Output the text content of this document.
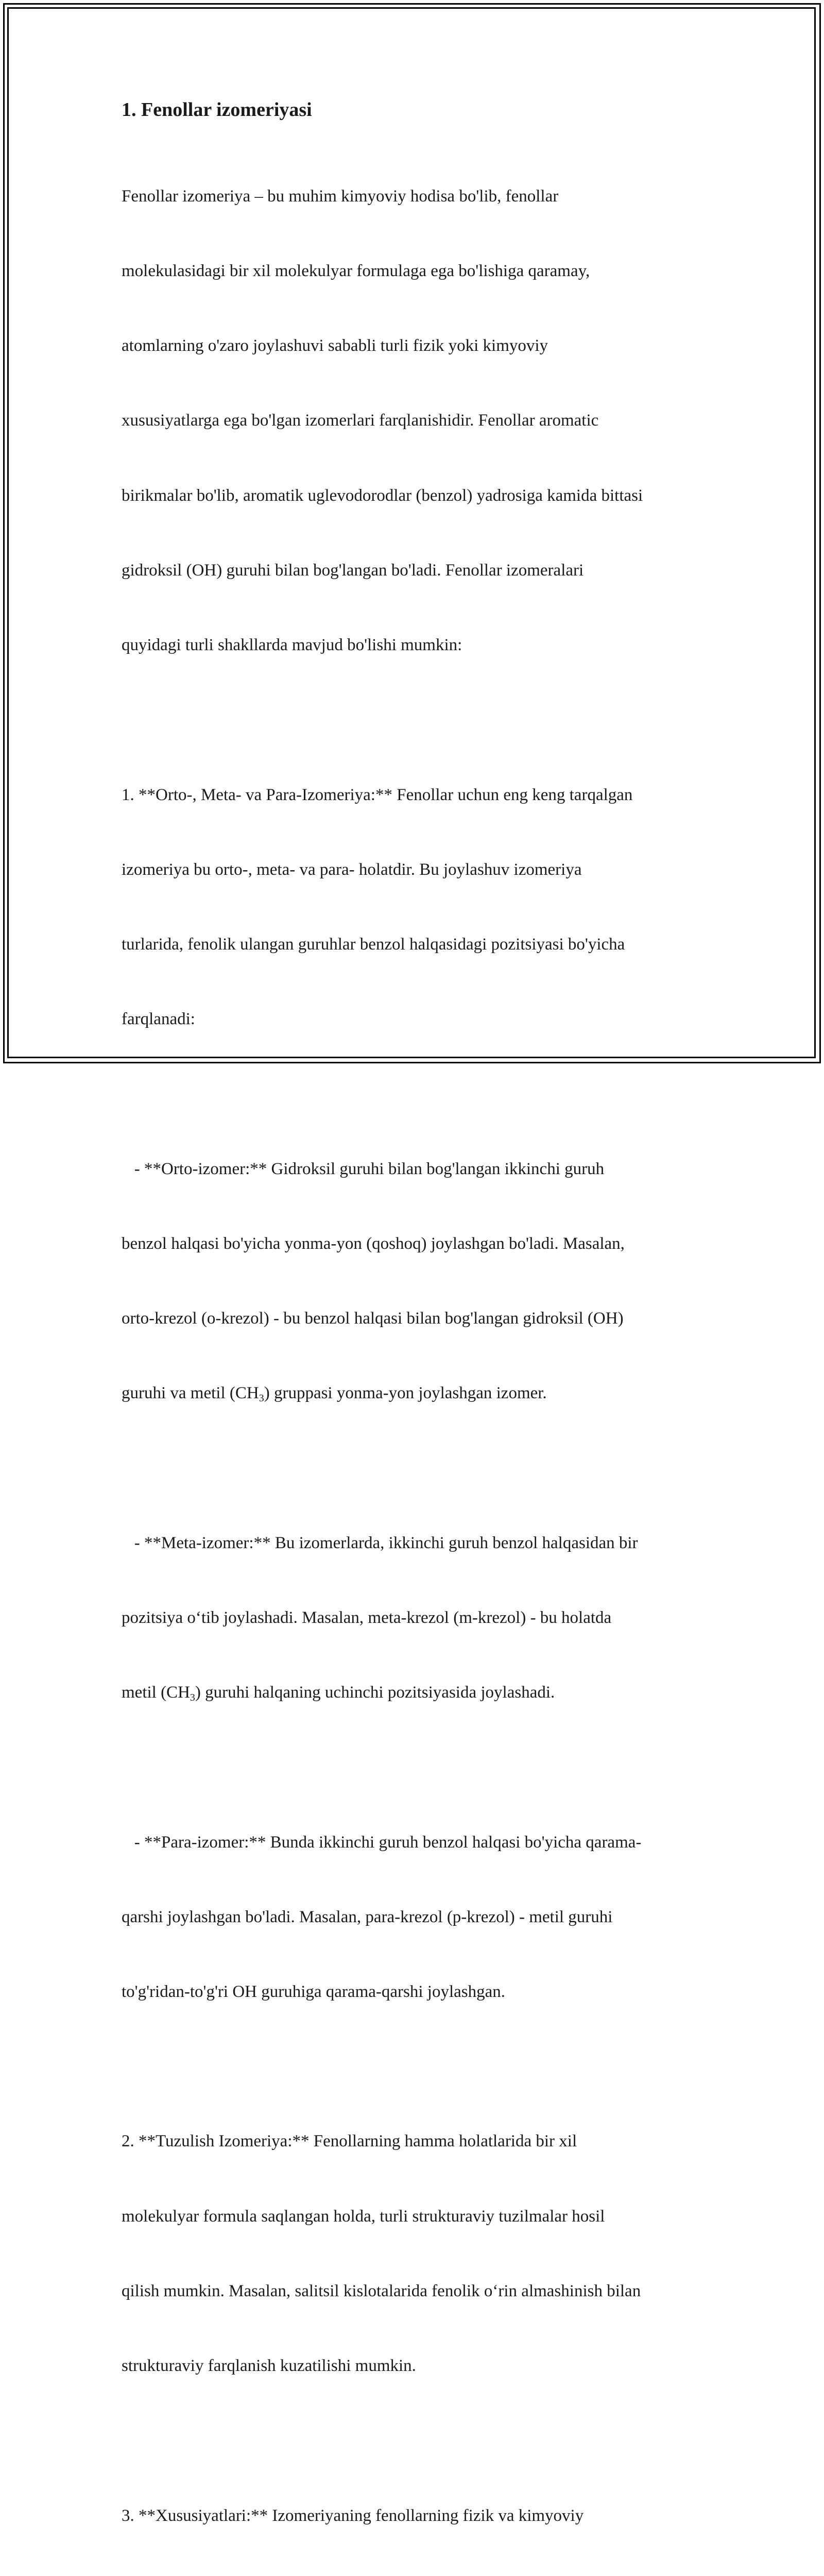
1. Fenollar izomeriyasi

Fenollar izomeriya – bu muhim kimyoviy hodisa bo'lib, fenollar

molekulasidagi bir xil molekulyar formulaga ega bo'lishiga qaramay,

atomlarning o'zaro joylashuvi sababli turli fizik yoki kimyoviy

xususiyatlarga ega bo'lgan izomerlari farqlanishidir. Fenollar aromatic

birikmalar bo'lib, aromatik uglevodorodlar (benzol) yadrosiga kamida bittasi

gidroksil (OH) guruhi bilan bog'langan bo'ladi. Fenollar izomeralari

quyidagi turli shakllarda mavjud bo'lishi mumkin:

1. **Orto-, Meta- va Para-Izomeriya:** Fenollar uchun eng keng tarqalgan

izomeriya bu orto-, meta- va para- holatdir. Bu joylashuv izomeriya

turlarida, fenolik ulangan guruhlar benzol halqasidagi pozitsiyasi bo'yicha

farqlanadi:

- **Orto-izomer:** Gidroksil guruhi bilan bog'langan ikkinchi guruh

benzol halqasi bo'yicha yonma-yon (qoshoq) joylashgan bo'ladi. Masalan,

orto-krezol (o-krezol) - bu benzol halqasi bilan bog'langan gidroksil (OH)

guruhi va metil $(CH_3)$ gruppasi yonma-yon joylashgan izomer.

- **Meta-izomer:** Bu izomerlarda, ikkinchi guruh benzol halqasidan bir

pozitsiya o‘tib joylashadi. Masalan, meta-krezol (m-krezol) - bu holatda

metil $(CH_3)$ guruhi halqaning uchinchi pozitsiyasida joylashadi.

- **Para-izomer:** Bunda ikkinchi guruh benzol halqasi bo'yicha qarama-

qarshi joylashgan bo'ladi. Masalan, para-krezol (p-krezol) - metil guruhi

to'g'ridan-to'g'ri OH guruhiga qarama-qarshi joylashgan.

2. **Tuzulish Izomeriya:** Fenollarning hamma holatlarida bir xil

molekulyar formula saqlangan holda, turli strukturaviy tuzilmalar hosil

qilish mumkin. Masalan, salitsil kislotalarida fenolik o‘rin almashinish bilan

strukturaviy farqlanish kuzatilishi mumkin.

3. **Xususiyatlari:** Izomeriyaning fenollarning fizik va kimyoviy
